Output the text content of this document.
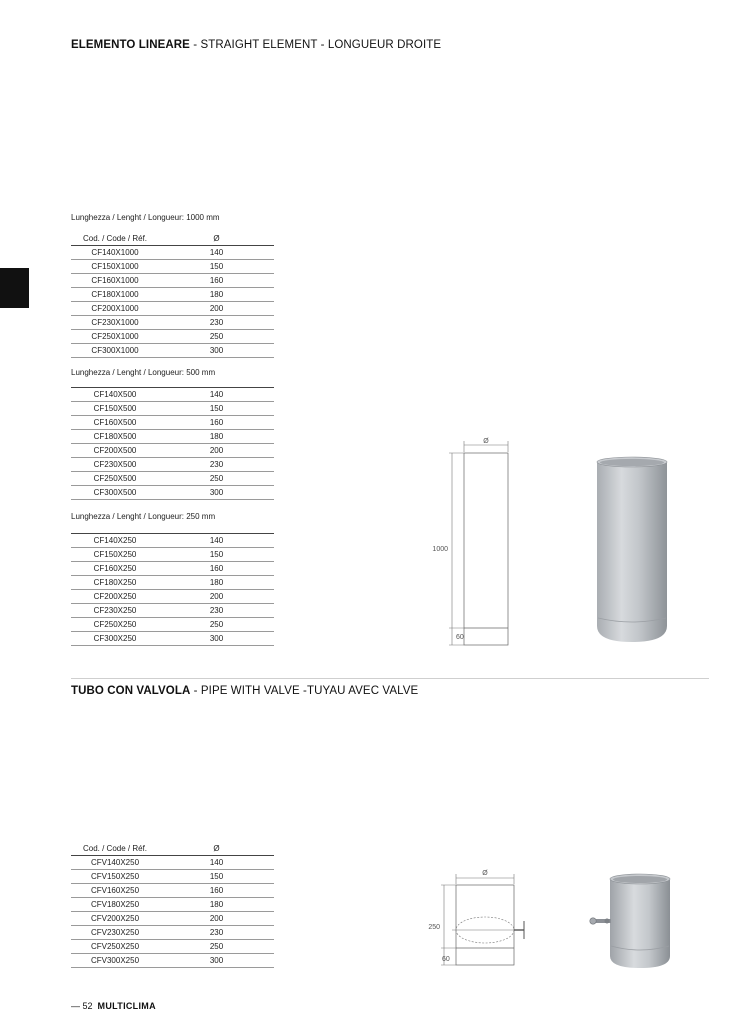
ELEMENTO LINEARE - STRAIGHT ELEMENT - LONGUEUR DROITE
Lunghezza / Lenght / Longueur: 1000 mm
Cod. / Code / Réf.	Ø
CF140X1000	140
CF150X1000	150
CF160X1000	160
CF180X1000	180
CF200X1000	200
CF230X1000	230
CF250X1000	250
CF300X1000	300
Lunghezza / Lenght / Longueur: 500 mm
CF140X500	140
CF150X500	150
CF160X500	160
CF180X500	180
CF200X500	200
CF230X500	230
CF250X500	250
CF300X500	300
Lunghezza / Lenght / Longueur: 250 mm
CF140X250	140
CF150X250	150
CF160X250	160
CF180X250	180
CF200X250	200
CF230X250	230
CF250X250	250
CF300X250	300
Ø
1000
60
TUBO CON VALVOLA - PIPE WITH VALVE -TUYAU AVEC VALVE
Cod. / Code / Réf.	Ø
CFV140X250	140
CFV150X250	150
CFV160X250	160
CFV180X250	180
CFV200X250	200
CFV230X250	230
CFV250X250	250
CFV300X250	300
Ø
250
60
— 52 MULTICLIMA
